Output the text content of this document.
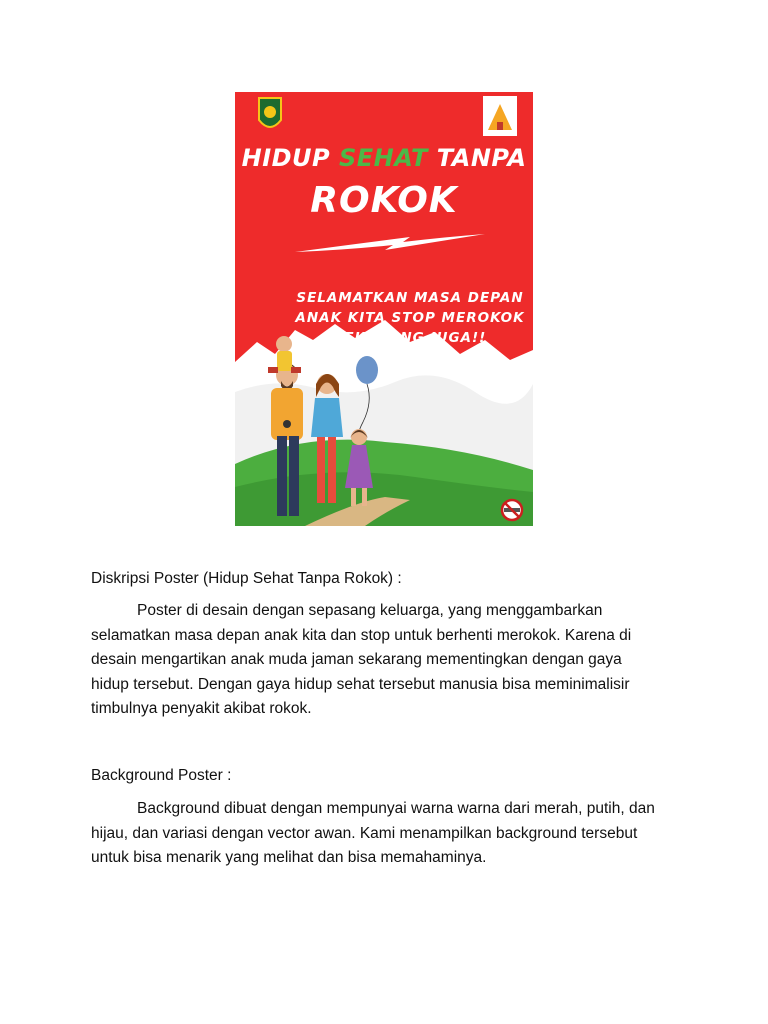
HIDUP SEHAT TANPA
ROKOK
SELAMATKAN MASA DEPAN
ANAK KITA STOP MEROKOK
SEKARANG JUGA!!
Diskripsi Poster (Hidup Sehat Tanpa Rokok) :
Poster di desain dengan sepasang keluarga, yang menggambarkan
selamatkan masa depan anak kita dan stop untuk berhenti merokok. Karena di
desain mengartikan anak muda jaman sekarang mementingkan dengan gaya
hidup tersebut. Dengan gaya hidup sehat tersebut manusia bisa meminimalisir
timbulnya penyakit akibat rokok.
Background Poster :
Background dibuat dengan mempunyai warna warna dari merah, putih, dan
hijau, dan variasi dengan vector awan. Kami menampilkan background tersebut
untuk bisa menarik yang melihat dan bisa memahaminya.
